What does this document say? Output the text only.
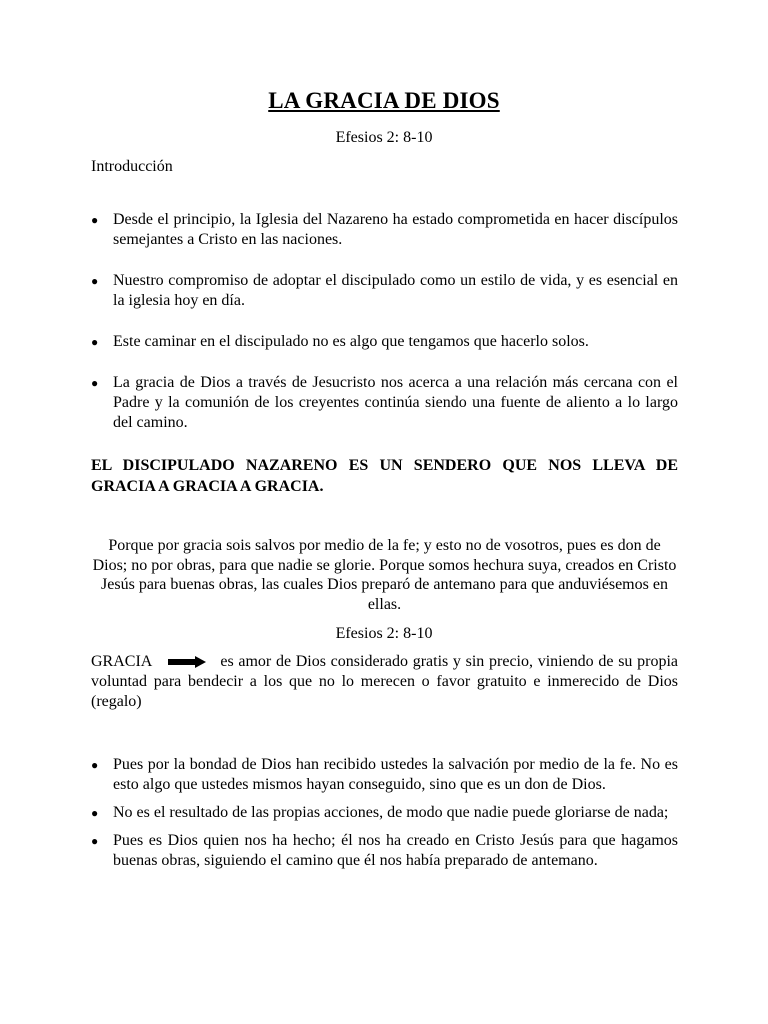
LA GRACIA DE DIOS
Efesios 2: 8-10
Introducción
● Desde el principio, la Iglesia del Nazareno ha estado comprometida en hacer discípulos semejantes a Cristo en las naciones.
● Nuestro compromiso de adoptar el discipulado como un estilo de vida, y es esencial en la iglesia hoy en día.
● Este caminar en el discipulado no es algo que tengamos que hacerlo solos.
● La gracia de Dios a través de Jesucristo nos acerca a una relación más cercana con el Padre y la comunión de los creyentes continúa siendo una fuente de aliento a lo largo del camino.
EL DISCIPULADO NAZARENO ES UN SENDERO QUE NOS LLEVA DE GRACIA A GRACIA A GRACIA.
Porque por gracia sois salvos por medio de la fe; y esto no de vosotros, pues es don de Dios; no por obras, para que nadie se glorie. Porque somos hechura suya, creados en Cristo Jesús para buenas obras, las cuales Dios preparó de antemano para que anduviésemos en ellas.
Efesios 2: 8-10
GRACIA	es amor de Dios considerado gratis y sin precio, viniendo de su propia voluntad para bendecir a los que no lo merecen o favor gratuito e inmerecido de Dios (regalo)
● Pues por la bondad de Dios han recibido ustedes la salvación por medio de la fe. No es esto algo que ustedes mismos hayan conseguido, sino que es un don de Dios.
● No es el resultado de las propias acciones, de modo que nadie puede gloriarse de nada;
● Pues es Dios quien nos ha hecho; él nos ha creado en Cristo Jesús para que hagamos buenas obras, siguiendo el camino que él nos había preparado de antemano.
